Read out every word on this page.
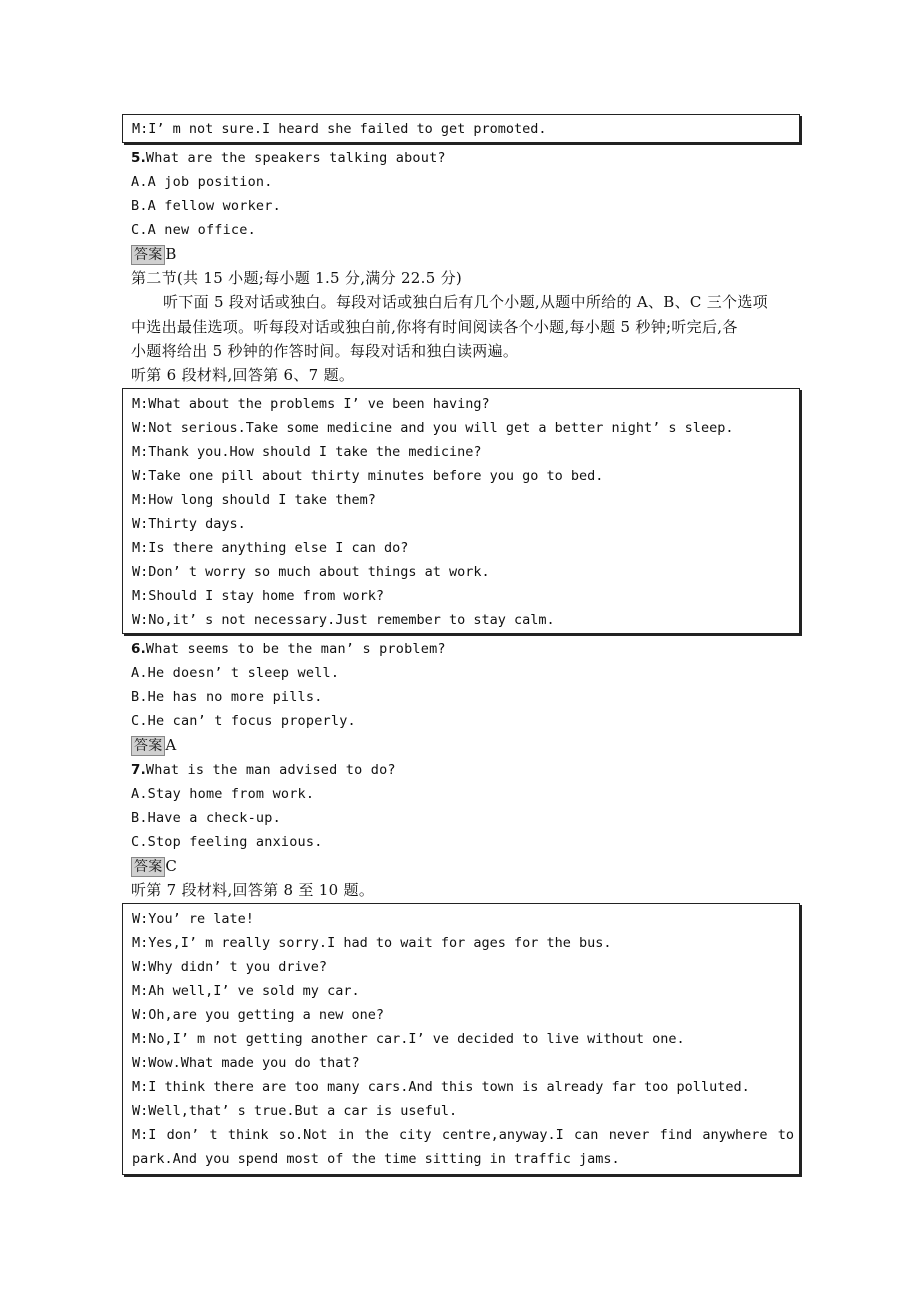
M:I’ m not sure.I heard she failed to get promoted.
5.What are the speakers talking about?
A.A job position.
B.A fellow worker.
C.A new office.
答案 B
第二节(共 15 小题;每小题 1.5 分,满分 22.5 分)
听下面 5 段对话或独白。每段对话或独白后有几个小题,从题中所给的 A、B、C 三个选项
中选出最佳选项。听每段对话或独白前,你将有时间阅读各个小题,每小题 5 秒钟;听完后,各
小题将给出 5 秒钟的作答时间。每段对话和独白读两遍。
听第 6 段材料,回答第 6、7 题。
M:What about the problems I’ ve been having?
W:Not serious.Take some medicine and you will get a better night’ s sleep.
M:Thank you.How should I take the medicine?
W:Take one pill about thirty minutes before you go to bed.
M:How long should I take them?
W:Thirty days.
M:Is there anything else I can do?
W:Don’ t worry so much about things at work.
M:Should I stay home from work?
W:No,it’ s not necessary.Just remember to stay calm.
6.What seems to be the man’ s problem?
A.He doesn’ t sleep well.
B.He has no more pills.
C.He can’ t focus properly.
答案 A
7.What is the man advised to do?
A.Stay home from work.
B.Have a check-up.
C.Stop feeling anxious.
答案 C
听第 7 段材料,回答第 8 至 10 题。
W:You’ re late!
M:Yes,I’ m really sorry.I had to wait for ages for the bus.
W:Why didn’ t you drive?
M:Ah well,I’ ve sold my car.
W:Oh,are you getting a new one?
M:No,I’ m not getting another car.I’ ve decided to live without one.
W:Wow.What made you do that?
M:I think there are too many cars.And this town is already far too polluted.
W:Well,that’ s true.But a car is useful.
M:I don’ t think so.Not in the city centre,anyway.I can never find anywhere to park.And you spend most of the time sitting in traffic jams.
